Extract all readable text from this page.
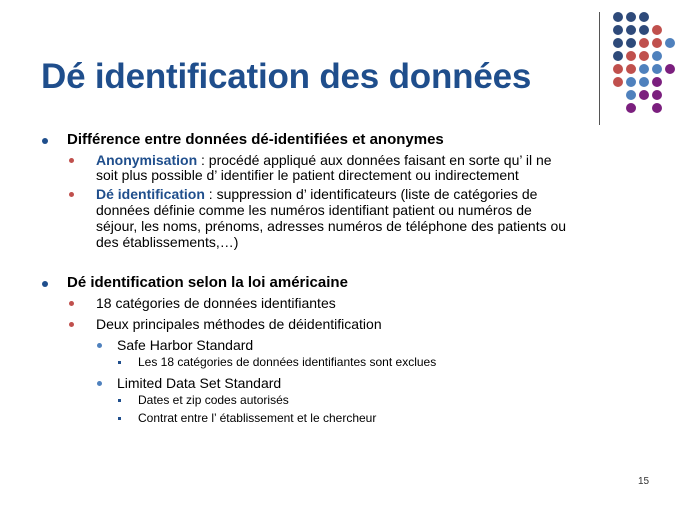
Dé identification des données
Différence entre données dé-identifiées et anonymes
Anonymisation : procédé appliqué aux données faisant en sorte qu’ il ne
soit plus possible d’ identifier le patient directement ou indirectement
Dé identification : suppression d’ identificateurs (liste de catégories de
données définie comme les numéros identifiant patient ou numéros de
séjour, les noms, prénoms, adresses numéros de téléphone des patients ou
des établissements,…)
Dé identification selon la loi américaine
18 catégories de données identifiantes
Deux principales méthodes de déidentification
Safe Harbor Standard
Les 18 catégories de données identifiantes sont exclues
Limited Data Set Standard
Dates et zip codes autorisés
Contrat entre l’ établissement et le chercheur
15
